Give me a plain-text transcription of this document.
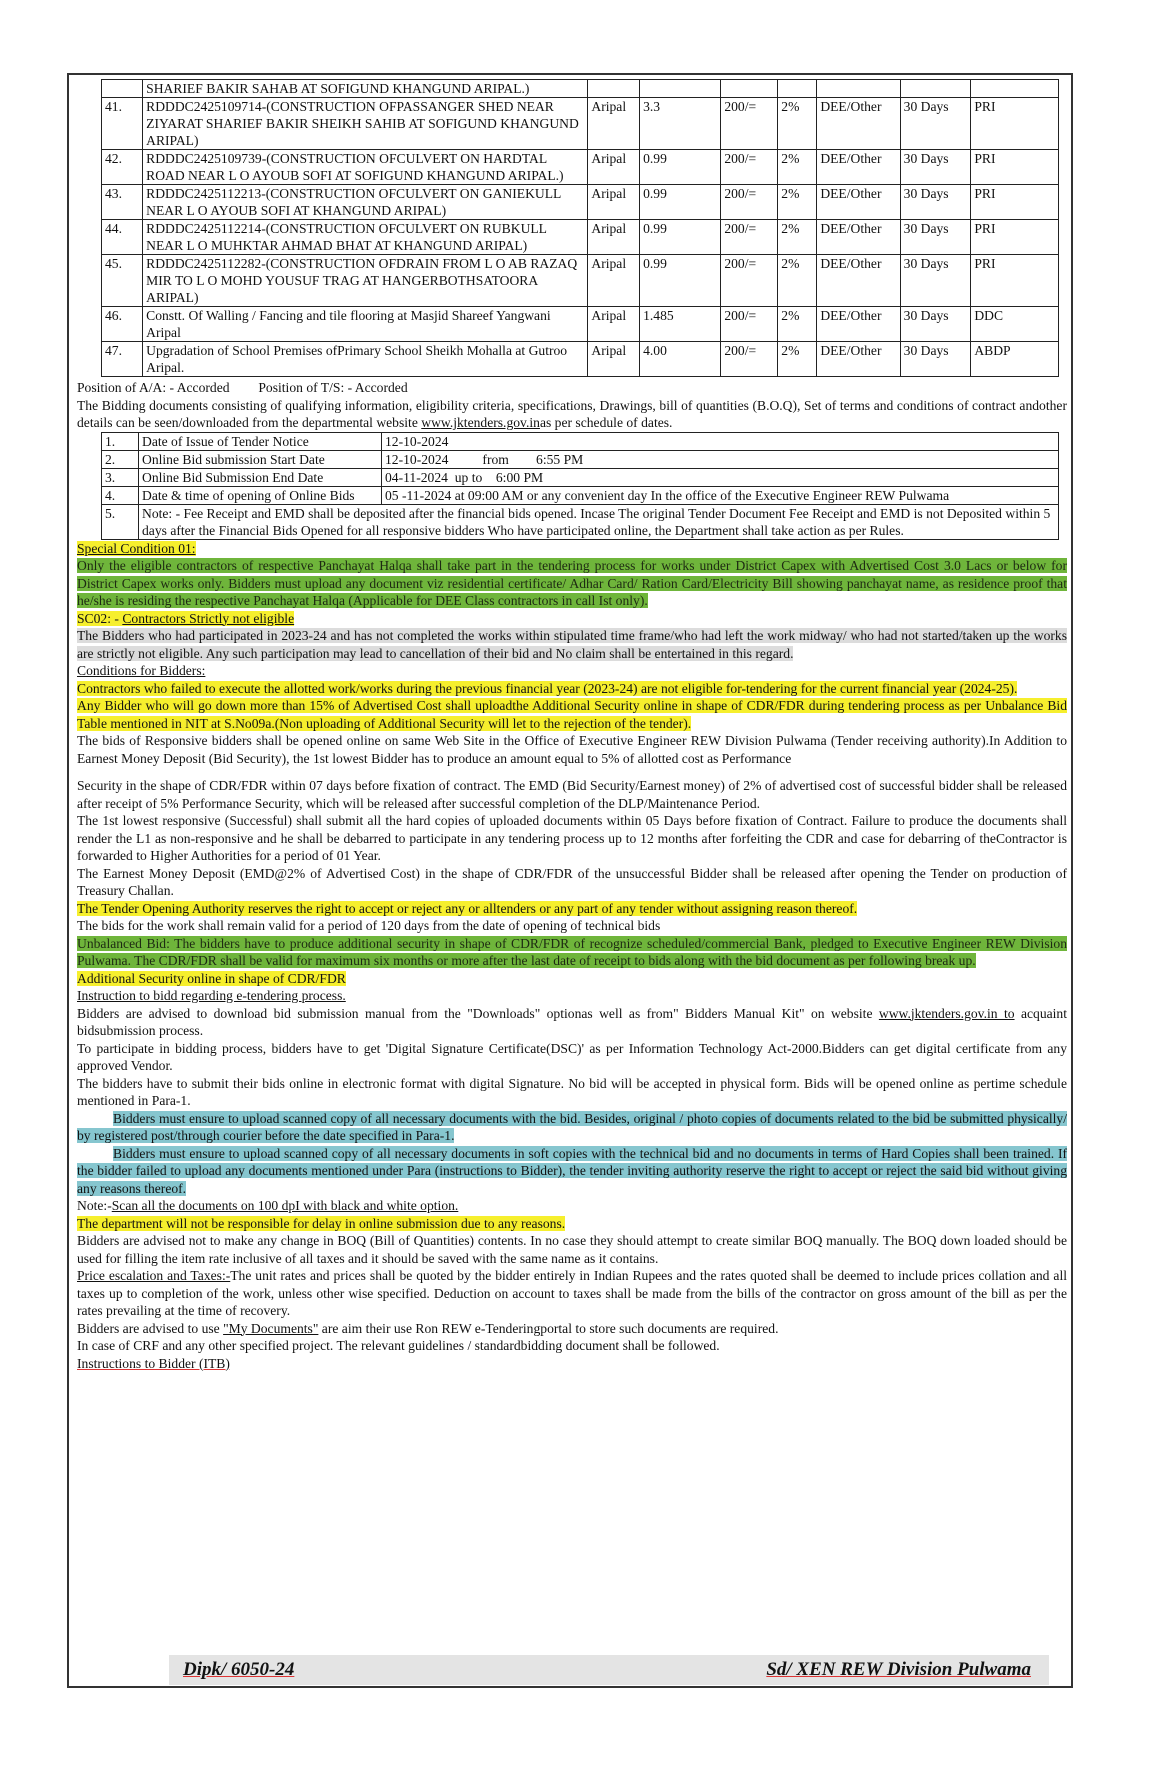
	SHARIEF BAKIR SAHAB AT SOFIGUND KHANGUND ARIPAL.)							
41.	RDDDC2425109714-(CONSTRUCTION OFPASSANGER SHED NEAR ZIYARAT SHARIEF BAKIR SHEIKH SAHIB AT SOFIGUND KHANGUND ARIPAL)	Aripal	3.3	200/=	2%	DEE/Other	30 Days	PRI
42.	RDDDC2425109739-(CONSTRUCTION OFCULVERT ON HARDTAL ROAD NEAR L O AYOUB SOFI AT SOFIGUND KHANGUND ARIPAL.)	Aripal	0.99	200/=	2%	DEE/Other	30 Days	PRI
43.	RDDDC2425112213-(CONSTRUCTION OFCULVERT ON GANIEKULL NEAR L O AYOUB SOFI AT KHANGUND ARIPAL)	Aripal	0.99	200/=	2%	DEE/Other	30 Days	PRI
44.	RDDDC2425112214-(CONSTRUCTION OFCULVERT ON RUBKULL NEAR L O MUHKTAR AHMAD BHAT AT KHANGUND ARIPAL)	Aripal	0.99	200/=	2%	DEE/Other	30 Days	PRI
45.	RDDDC2425112282-(CONSTRUCTION OFDRAIN FROM L O AB RAZAQ MIR TO L O MOHD YOUSUF TRAG AT HANGERBOTHSATOORA ARIPAL)	Aripal	0.99	200/=	2%	DEE/Other	30 Days	PRI
46.	Constt. Of Walling / Fancing and tile flooring at Masjid Shareef Yangwani Aripal	Aripal	1.485	200/=	2%	DEE/Other	30 Days	DDC
47.	Upgradation of School Premises ofPrimary School Sheikh Mohalla at Gutroo Aripal.	Aripal	4.00	200/=	2%	DEE/Other	30 Days	ABDP

Position of A/A: - Accorded Position of T/S: - Accorded

The Bidding documents consisting of qualifying information, eligibility criteria, specifications, Drawings, bill of quantities (B.O.Q), Set of terms and conditions of contract andother details can be seen/downloaded from the departmental website www.jktenders.gov.inas per schedule of dates.

1.	Date of Issue of Tender Notice	12-10-2024
2.	Online Bid submission Start Date	12-10-2024          from        6:55 PM
3.	Online Bid Submission End Date	04-11-2024  up to    6:00 PM
4.	Date & time of opening of Online Bids	05 -11-2024 at 09:00 AM or any convenient day In the office of the Executive Engineer REW Pulwama
5.	Note: - Fee Receipt and EMD shall be deposited after the financial bids opened. Incase The original Tender Document Fee Receipt and EMD is not Deposited within 5 days after the Financial Bids Opened for all responsive bidders Who have participated online, the Department shall take action as per Rules.	

Special Condition 01:

Only the eligible contractors of respective Panchayat Halqa shall take part in the tendering process for works under District Capex with Advertised Cost 3.0 Lacs or below for District Capex works only. Bidders must upload any document viz residential certificate/ Adhar Card/ Ration Card/Electricity Bill showing panchayat name, as residence proof that he/she is residing the respective Panchayat Halqa (Applicable for DEE Class contractors in call Ist only).

SC02: - Contractors Strictly not eligible

The Bidders who had participated in 2023-24 and has not completed the works within stipulated time frame/who had left the work midway/ who had not started/taken up the works are strictly not eligible. Any such participation may lead to cancellation of their bid and No claim shall be entertained in this regard.

Conditions for Bidders:

Contractors who failed to execute the allotted work/works during the previous financial year (2023-24) are not eligible for-tendering for the current financial year (2024-25).

Any Bidder who will go down more than 15% of Advertised Cost shall uploadthe Additional Security online in shape of CDR/FDR during tendering process as per Unbalance Bid Table mentioned in NIT at S.No09a.(Non uploading of Additional Security will let to the rejection of the tender).

The bids of Responsive bidders shall be opened online on same Web Site in the Office of Executive Engineer REW Division Pulwama (Tender receiving authority).In Addition to Earnest Money Deposit (Bid Security), the 1st lowest Bidder has to produce an amount equal to 5% of allotted cost as Performance

Security in the shape of CDR/FDR within 07 days before fixation of contract. The EMD (Bid Security/Earnest money) of 2% of advertised cost of successful bidder shall be released after receipt of 5% Performance Security, which will be released after successful completion of the DLP/Maintenance Period.

The 1st lowest responsive (Successful) shall submit all the hard copies of uploaded documents within 05 Days before fixation of Contract. Failure to produce the documents shall render the L1 as non-responsive and he shall be debarred to participate in any tendering process up to 12 months after forfeiting the CDR and case for debarring of theContractor is forwarded to Higher Authorities for a period of 01 Year.

The Earnest Money Deposit (EMD@2% of Advertised Cost) in the shape of CDR/FDR of the unsuccessful Bidder shall be released after opening the Tender on production of Treasury Challan.

The Tender Opening Authority reserves the right to accept or reject any or alltenders or any part of any tender without assigning reason thereof.

The bids for the work shall remain valid for a period of 120 days from the date of opening of technical bids

Unbalanced Bid: The bidders have to produce additional security in shape of CDR/FDR of recognize scheduled/commercial Bank, pledged to Executive Engineer REW Division Pulwama. The CDR/FDR shall be valid for maximum six months or more after the last date of receipt to bids along with the bid document as per following break up.

Additional Security online in shape of CDR/FDR

Instruction to bidd regarding e-tendering process.

Bidders are advised to download bid submission manual from the "Downloads" optionas well as from" Bidders Manual Kit" on website www.jktenders.gov.in to acquaint bidsubmission process.

To participate in bidding process, bidders have to get 'Digital Signature Certificate(DSC)' as per Information Technology Act-2000.Bidders can get digital certificate from any approved Vendor.

The bidders have to submit their bids online in electronic format with digital Signature. No bid will be accepted in physical form. Bids will be opened online as pertime schedule mentioned in Para-1.

Bidders must ensure to upload scanned copy of all necessary documents with the bid. Besides, original / photo copies of documents related to the bid be submitted physically/ by registered post/through courier before the date specified in Para-1.

Bidders must ensure to upload scanned copy of all necessary documents in soft copies with the technical bid and no documents in terms of Hard Copies shall been trained. If the bidder failed to upload any documents mentioned under Para (instructions to Bidder), the tender inviting authority reserve the right to accept or reject the said bid without giving any reasons thereof.

Note:-Scan all the documents on 100 dpI with black and white option.

The department will not be responsible for delay in online submission due to any reasons.

Bidders are advised not to make any change in BOQ (Bill of Quantities) contents. In no case they should attempt to create similar BOQ manually. The BOQ down loaded should be used for filling the item rate inclusive of all taxes and it should be saved with the same name as it contains.

Price escalation and Taxes:-The unit rates and prices shall be quoted by the bidder entirely in Indian Rupees and the rates quoted shall be deemed to include prices collation and all taxes up to completion of the work, unless other wise specified. Deduction on account to taxes shall be made from the bills of the contractor on gross amount of the bill as per the rates prevailing at the time of recovery.

Bidders are advised to use "My Documents" are aim their use Ron REW e-Tenderingportal to store such documents are required.

In case of CRF and any other specified project. The relevant guidelines / standardbidding document shall be followed.

Instructions to Bidder (ITB)

Dipk/ 6050-24	Sd/ XEN REW Division Pulwama
